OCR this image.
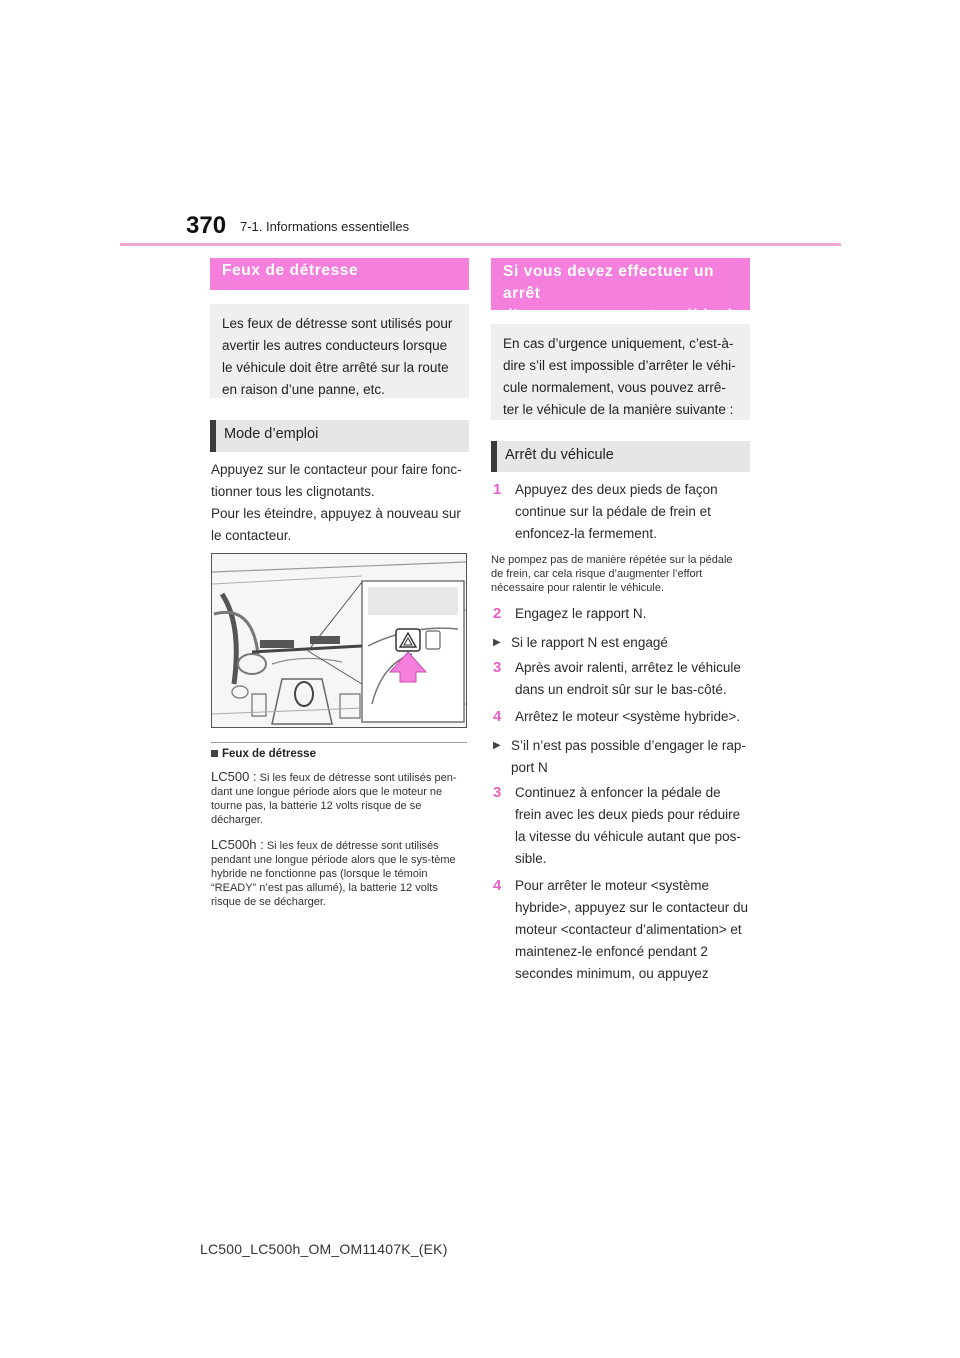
370 7-1. Informations essentielles
Feux de détresse
Les feux de détresse sont utilisés pour avertir les autres conducteurs lorsque le véhicule doit être arrêté sur la route en raison d’une panne, etc.
Mode d’emploi
Appuyez sur le contacteur pour faire fonc-tionner tous les clignotants.
Pour les éteindre, appuyez à nouveau sur le contacteur.
Feux de détresse
LC500 : Si les feux de détresse sont utilisés pen-dant une longue période alors que le moteur ne tourne pas, la batterie 12 volts risque de se décharger.
LC500h : Si les feux de détresse sont utilisés pendant une longue période alors que le sys-tème hybride ne fonctionne pas (lorsque le témoin “READY” n’est pas allumé), la batterie 12 volts risque de se décharger.
Si vous devez effectuer un arrêt
d’urgence avec votre véhicule
En cas d’urgence uniquement, c’est-à-dire s’il est impossible d’arrêter le véhi-cule normalement, vous pouvez arrê-ter le véhicule de la manière suivante :
Arrêt du véhicule
1 Appuyez des deux pieds de façon continue sur la pédale de frein et enfoncez-la fermement.
Ne pompez pas de manière répétée sur la pédale de frein, car cela risque d’augmenter l’effort nécessaire pour ralentir le véhicule.
2 Engagez le rapport N.
▶ Si le rapport N est engagé
3 Après avoir ralenti, arrêtez le véhicule dans un endroit sûr sur le bas-côté.
4 Arrêtez le moteur <système hybride>.
▶ S’il n’est pas possible d’engager le rap-port N
3 Continuez à enfoncer la pédale de frein avec les deux pieds pour réduire la vitesse du véhicule autant que pos-sible.
4 Pour arrêter le moteur <système hybride>, appuyez sur le contacteur du moteur <contacteur d’alimentation> et maintenez-le enfoncé pendant 2 secondes minimum, ou appuyez
LC500_LC500h_OM_OM11407K_(EK)
